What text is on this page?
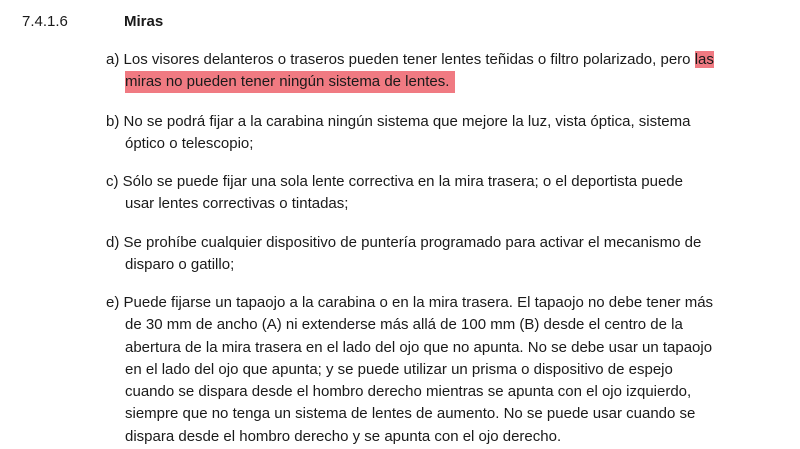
7.4.1.6	Miras
a) Los visores delanteros o traseros pueden tener lentes teñidas o filtro polarizado, pero las
miras no pueden tener ningún sistema de lentes.
b) No se podrá fijar a la carabina ningún sistema que mejore la luz, vista óptica, sistema
óptico o telescopio;
c) Sólo se puede fijar una sola lente correctiva en la mira trasera; o el deportista puede
usar lentes correctivas o tintadas;
d) Se prohíbe cualquier dispositivo de puntería programado para activar el mecanismo de
disparo o gatillo;
e) Puede fijarse un tapaojo a la carabina o en la mira trasera. El tapaojo no debe tener más
de 30 mm de ancho (A) ni extenderse más allá de 100 mm (B) desde el centro de la
abertura de la mira trasera en el lado del ojo que no apunta. No se debe usar un tapaojo
en el lado del ojo que apunta; y se puede utilizar un prisma o dispositivo de espejo
cuando se dispara desde el hombro derecho mientras se apunta con el ojo izquierdo,
siempre que no tenga un sistema de lentes de aumento. No se puede usar cuando se
dispara desde el hombro derecho y se apunta con el ojo derecho.
